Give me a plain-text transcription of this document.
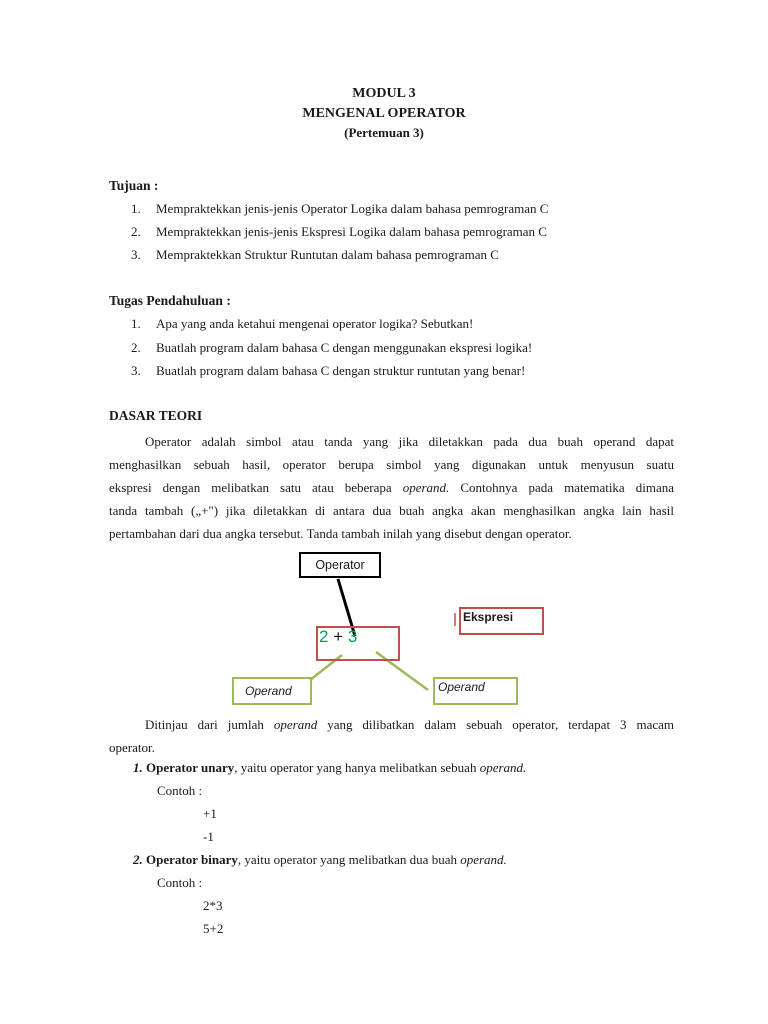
MODUL 3
MENGENAL OPERATOR
(Pertemuan 3)
Tujuan :
1. Mempraktekkan jenis-jenis Operator Logika dalam bahasa pemrograman C
2. Mempraktekkan jenis-jenis Ekspresi Logika dalam bahasa pemrograman C
3. Mempraktekkan Struktur Runtutan dalam bahasa pemrograman C
Tugas Pendahuluan :
1. Apa yang anda ketahui mengenai operator logika? Sebutkan!
2. Buatlah program dalam bahasa C dengan menggunakan ekspresi logika!
3. Buatlah program dalam bahasa C dengan struktur runtutan yang benar!
DASAR TEORI
Operator adalah simbol atau tanda yang jika diletakkan pada dua buah operand dapat
menghasilkan sebuah hasil, operator berupa simbol yang digunakan untuk menyusun suatu
ekspresi dengan melibatkan satu atau beberapa operand. Contohnya pada matematika dimana
tanda tambah („+") jika diletakkan di antara dua buah angka akan menghasilkan angka lain hasil
pertambahan dari dua angka tersebut. Tanda tambah inilah yang disebut dengan operator.
Operator
2 + 3
Ekspresi
Operand	Operand
Ditinjau dari jumlah operand yang dilibatkan dalam sebuah operator, terdapat 3 macam
operator.
1. Operator unary, yaitu operator yang hanya melibatkan sebuah operand.
Contoh :
+1
-1
2. Operator binary, yaitu operator yang melibatkan dua buah operand.
Contoh :
2*3
5+2
